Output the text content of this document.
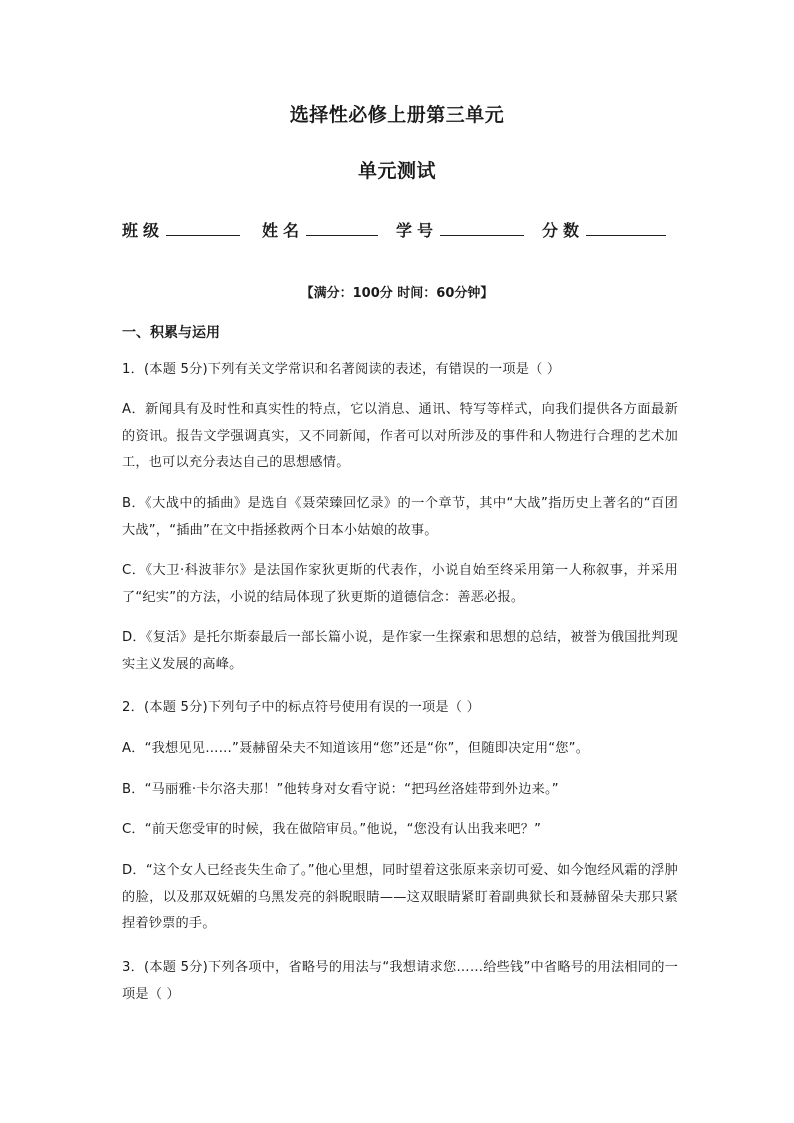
选择性必修上册第三单元
单元测试
班级	姓名	学号	分数
【满分：100分 时间：60分钟】
一、积累与运用
1．(本题 5分)下列有关文学常识和名著阅读的表述，有错误的一项是（ ）
A．新闻具有及时性和真实性的特点，它以消息、通讯、特写等样式，向我们提供各方面最新的资讯。报告文学强调真实，又不同新闻，作者可以对所涉及的事件和人物进行合理的艺术加工，也可以充分表达自己的思想感情。
B．《大战中的插曲》是选自《聂荣臻回忆录》的一个章节，其中“大战”指历史上著名的“百团大战”，“插曲”在文中指拯救两个日本小姑娘的故事。
C．《大卫·科波菲尔》是法国作家狄更斯的代表作，小说自始至终采用第一人称叙事，并采用了“纪实”的方法，小说的结局体现了狄更斯的道德信念：善恶必报。
D．《复活》是托尔斯泰最后一部长篇小说，是作家一生探索和思想的总结，被誉为俄国批判现实主义发展的高峰。
2．(本题 5分)下列句子中的标点符号使用有误的一项是（ ）
A．“我想见见……”聂赫留朵夫不知道该用“您”还是“你”，但随即决定用“您”。
B．“马丽雅·卡尔洛夫那！”他转身对女看守说：“把玛丝洛娃带到外边来。”
C．“前天您受审的时候，我在做陪审员。”他说，“您没有认出我来吧？”
D．“这个女人已经丧失生命了。”他心里想，同时望着这张原来亲切可爱、如今饱经风霜的浮肿的脸，以及那双妩媚的乌黑发亮的斜睨眼睛——这双眼睛紧盯着副典狱长和聂赫留朵夫那只紧捏着钞票的手。
3．(本题 5分)下列各项中，省略号的用法与“我想请求您……给些钱”中省略号的用法相同的一项是（ ）
